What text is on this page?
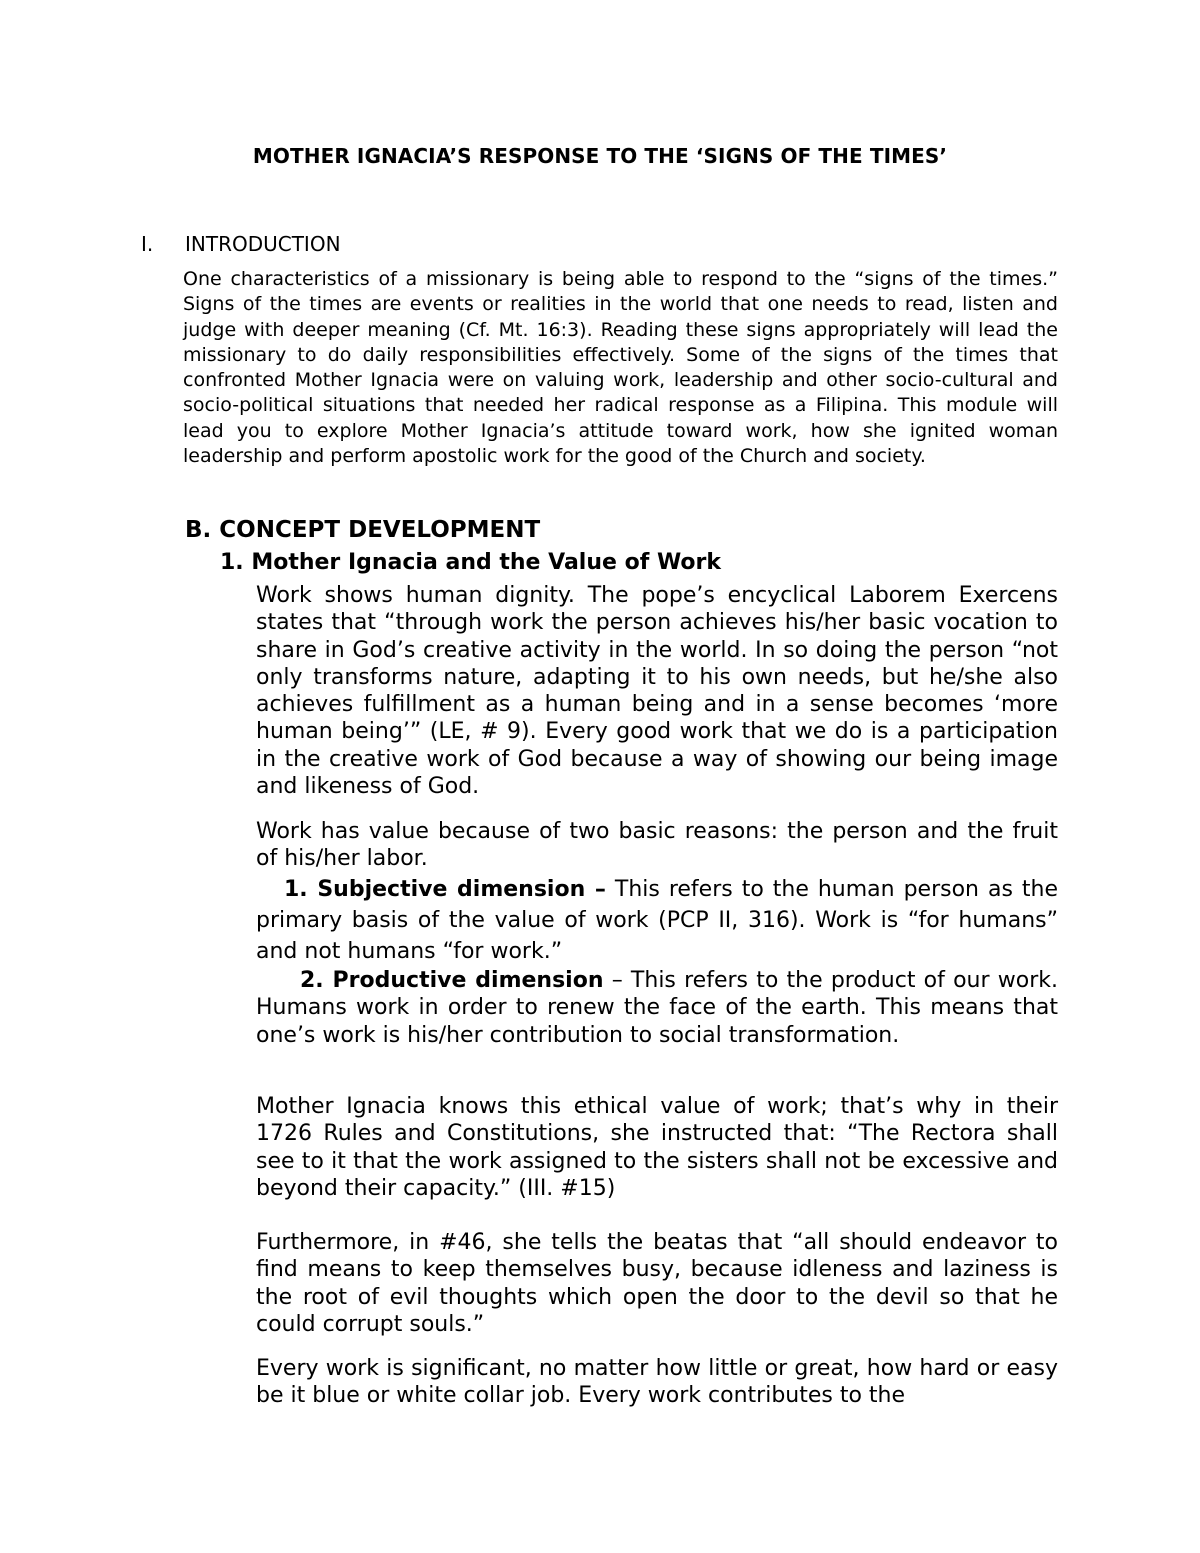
MOTHER IGNACIA’S RESPONSE TO THE ‘SIGNS OF THE TIMES’
I. INTRODUCTION

One characteristics of a missionary is being able to respond to the “signs of the times.” Signs of the times are events or realities in the world that one needs to read, listen and judge with deeper meaning (Cf. Mt. 16:3). Reading these signs appropriately will lead the missionary to do daily responsibilities effectively. Some of the signs of the times that confronted Mother Ignacia were on valuing work, leadership and other socio-cultural and socio-political situations that needed her radical response as a Filipina. This module will lead you to explore Mother Ignacia’s attitude toward work, how she ignited woman leadership and perform apostolic work for the good of the Church and society.

B. CONCEPT DEVELOPMENT

1. Mother Ignacia and the Value of Work

Work shows human dignity. The pope’s encyclical Laborem Exercens states that “through work the person achieves his/her basic vocation to share in God’s creative activity in the world. In so doing the person “not only transforms nature, adapting it to his own needs, but he/she also achieves fulfillment as a human being and in a sense becomes ‘more human being’” (LE, # 9). Every good work that we do is a participation in the creative work of God because a way of showing our being image and likeness of God.

Work has value because of two basic reasons: the person and the fruit of his/her labor.

1. Subjective dimension – This refers to the human person as the primary basis of the value of work (PCP II, 316). Work is “for humans” and not humans “for work.”

2. Productive dimension – This refers to the product of our work. Humans work in order to renew the face of the earth. This means that one’s work is his/her contribution to social transformation.

Mother Ignacia knows this ethical value of work; that’s why in their 1726 Rules and Constitutions, she instructed that: “The Rectora shall see to it that the work assigned to the sisters shall not be excessive and beyond their capacity.” (III. #15)

Furthermore, in #46, she tells the beatas that “all should endeavor to find means to keep themselves busy, because idleness and laziness is the root of evil thoughts which open the door to the devil so that he could corrupt souls.”

Every work is significant, no matter how little or great, how hard or easy be it blue or white collar job. Every work contributes to the
